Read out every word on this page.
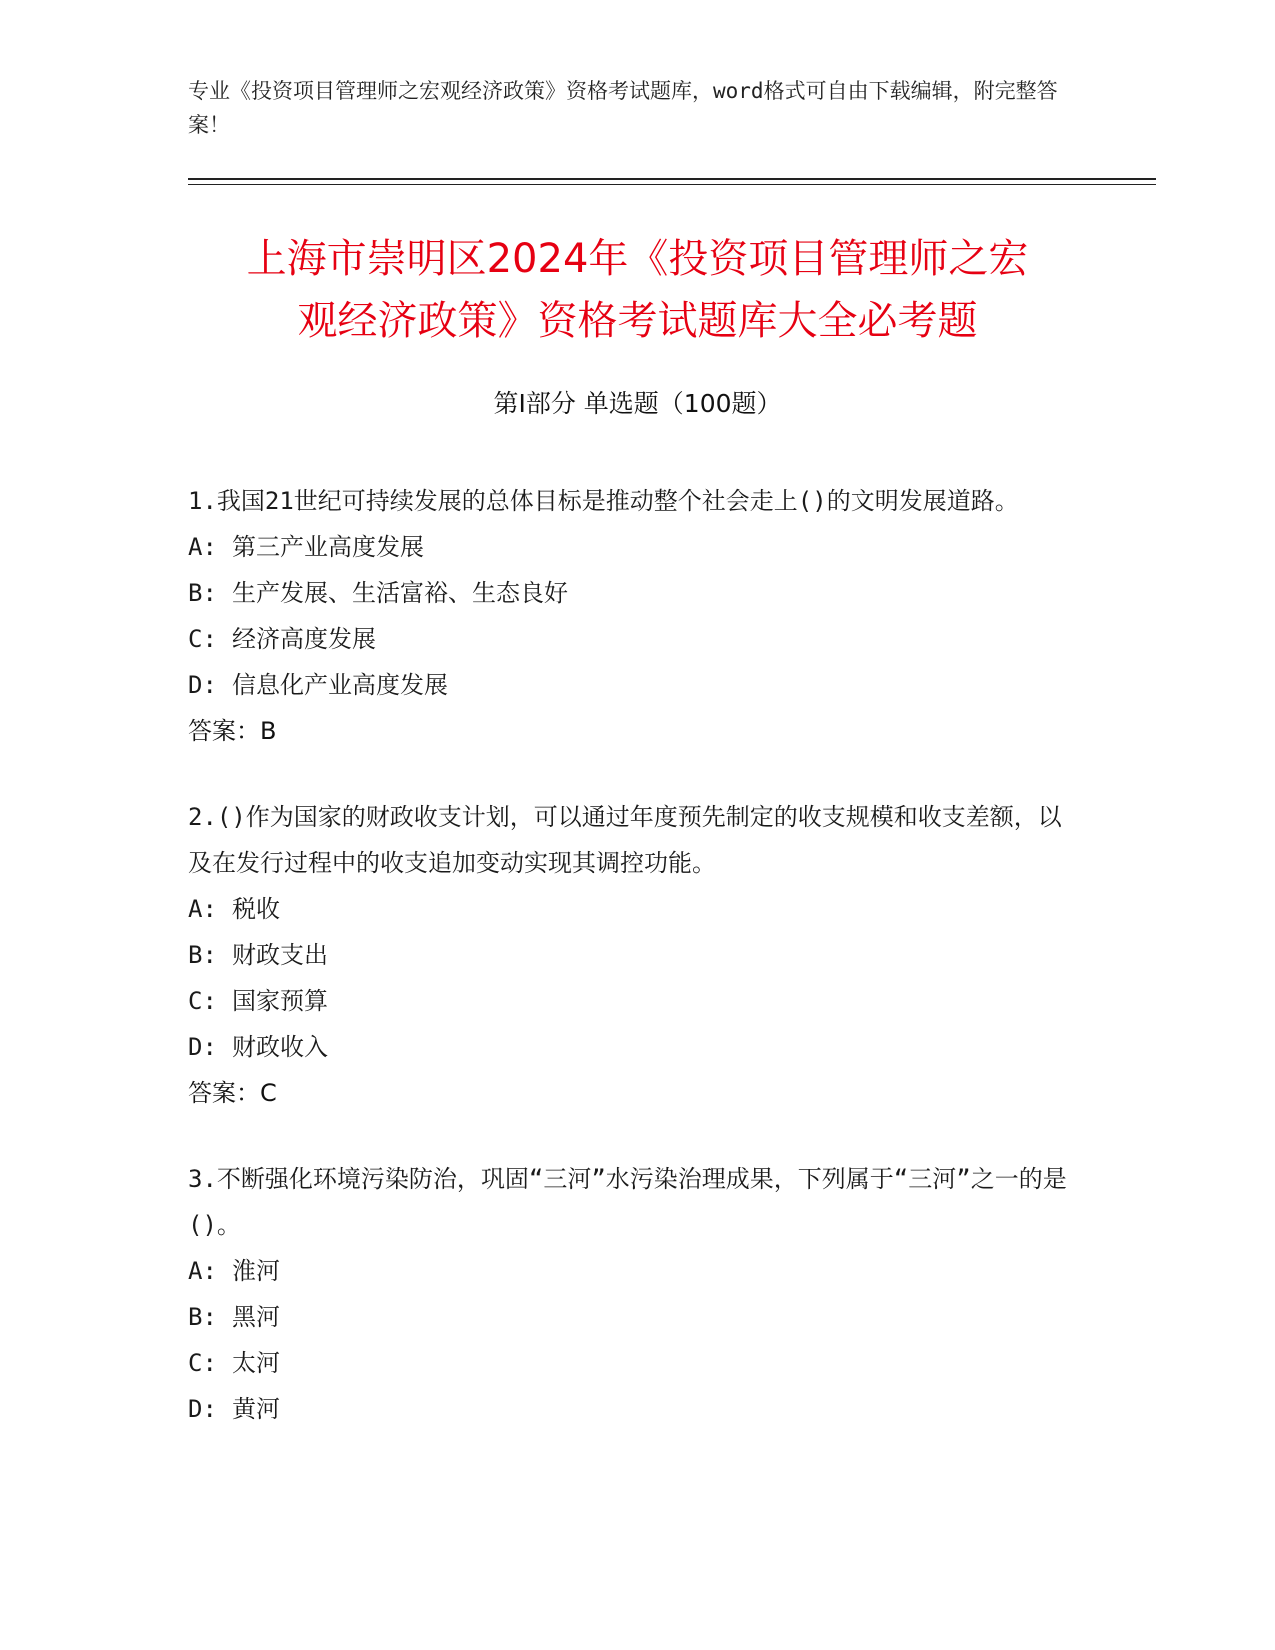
专业《投资项目管理师之宏观经济政策》资格考试题库，word格式可自由下载编辑，附完整答案！
上海市崇明区2024年《投资项目管理师之宏
观经济政策》资格考试题库大全必考题
第Ⅰ部分 单选题（100题）

1.我国21世纪可持续发展的总体目标是推动整个社会走上()的文明发展道路。

A: 第三产业高度发展
B: 生产发展、生活富裕、生态良好
C: 经济高度发展
D: 信息化产业高度发展
答案：B

2.()作为国家的财政收支计划，可以通过年度预先制定的收支规模和收支差额，以及在发行过程中的收支追加变动实现其调控功能。

A: 税收
B: 财政支出
C: 国家预算
D: 财政收入
答案：C

3.不断强化环境污染防治，巩固“三河”水污染治理成果，下列属于“三河”之一的是()。

A: 淮河
B: 黑河
C: 太河
D: 黄河
